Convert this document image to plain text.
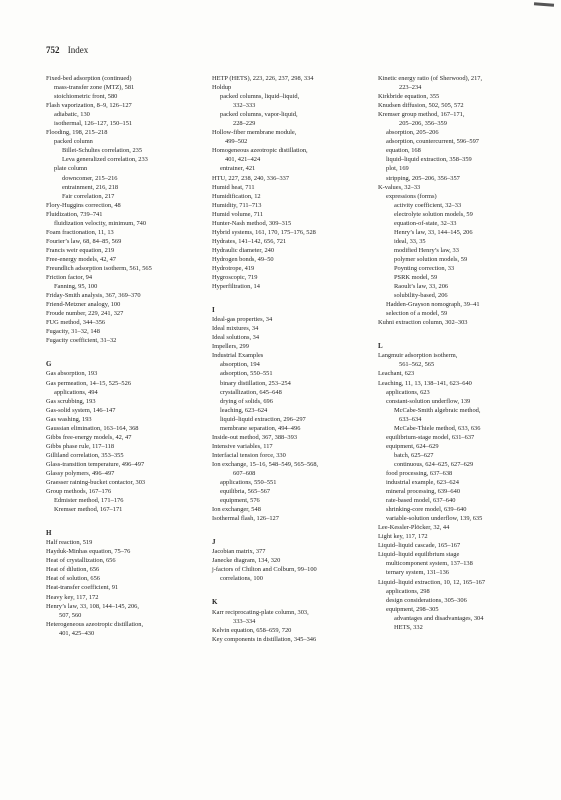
752 Index
Fixed-bed adsorption (continued)
mass-transfer zone (MTZ), 581
stoichiometric front, 580
Flash vaporization, 8–9, 126–127
adiabatic, 130
isothermal, 126–127, 150–151
Flooding, 198, 215–218
packed column
Billet-Schultes correlation, 235
Leva generalized correlation, 233
plate column
downcomer, 215–216
entrainment, 216, 218
Fair correlation, 217
Flory-Huggins correction, 48
Fluidization, 739–741
fluidization velocity, minimum, 740
Foam fractionation, 11, 13
Fourier’s law, 68, 84–85, 569
Francis weir equation, 219
Free-energy models, 42, 47
Freundlich adsorption isotherm, 561, 565
Friction factor, 94
Fanning, 95, 100
Friday-Smith analysis, 367, 369–370
Friend-Metzner analogy, 100
Froude number, 229, 241, 327
FUG method, 344–356
Fugacity, 31–32, 148
Fugacity coefficient, 31–32
G
Gas absorption, 193
Gas permeation, 14–15, 525–526
applications, 494
Gas scrubbing, 193
Gas-solid system, 146–147
Gas washing, 193
Gaussian elimination, 163–164, 368
Gibbs free-energy models, 42, 47
Gibbs phase rule, 117–118
Gilliland correlation, 353–355
Glass-transition temperature, 496–497
Glassy polymers, 496–497
Graesser raining-bucket contactor, 303
Group methods, 167–176
Edmister method, 171–176
Kremser method, 167–171
H
Half reaction, 519
Hayduk-Minhas equation, 75–76
Heat of crystallization, 656
Heat of dilution, 656
Heat of solution, 656
Heat-transfer coefficient, 91
Heavy key, 117, 172
Henry’s law, 33, 108, 144–145, 206,
507, 560
Heterogeneous azeotropic distillation,
401, 425–430
HETP (HETS), 223, 226, 237, 298, 334
Holdup
packed columns, liquid–liquid,
332–333
packed columns, vapor-liquid,
228–229
Hollow-fiber membrane module,
499–502
Homogeneous azeotropic distillation,
401, 421–424
entrainer, 421
HTU, 227, 238, 240, 336–337
Humid heat, 711
Humidification, 12
Humidity, 711–713
Humid volume, 711
Hunter-Nash method, 309–315
Hybrid systems, 161, 170, 175–176, 528
Hydrates, 141–142, 656, 721
Hydraulic diameter, 240
Hydrogen bonds, 49–50
Hydrotrope, 419
Hygroscopic, 719
Hyperfiltration, 14
I
Ideal-gas properties, 34
Ideal mixtures, 34
Ideal solutions, 34
Impellers, 299
Industrial Examples
absorption, 194
adsorption, 550–551
binary distillation, 253–254
crystallization, 645–648
drying of solids, 696
leaching, 623–624
liquid–liquid extraction, 296–297
membrane separation, 494–496
Inside-out method, 367, 388–393
Intensive variables, 117
Interfacial tension force, 330
Ion exchange, 15–16, 548–549, 565–568,
607–608
applications, 550–551
equilibria, 565–567
equipment, 576
Ion exchanger, 548
Isothermal flash, 126–127
J
Jacobian matrix, 377
Janecke diagram, 134, 320
j-factors of Chilton and Colburn, 99–100
correlations, 100
K
Karr reciprocating-plate column, 303,
333–334
Kelvin equation, 658–659, 720
Key components in distillation, 345–346
Kinetic energy ratio (of Sherwood), 217,
223–234
Kirkbride equation, 355
Knudsen diffusion, 502, 505, 572
Kremser group method, 167–171,
205–206, 356–359
absorption, 205–206
adsorption, countercurrent, 596–597
equation, 168
liquid–liquid extraction, 358–359
plot, 169
stripping, 205–206, 356–357
K-values, 32–33
expressions (forms)
activity coefficient, 32–33
electrolyte solution models, 59
equation-of-state, 32–33
Henry’s law, 33, 144–145, 206
ideal, 33, 35
modified Henry’s law, 33
polymer solution models, 59
Poynting correction, 33
PSRK model, 59
Raoult’s law, 33, 206
solubility-based, 206
Hadden-Grayson nomograph, 39–41
selection of a model, 59
Kuhni extraction column, 302–303
L
Langmuir adsorption isotherm,
561–562, 565
Leachant, 623
Leaching, 11, 13, 138–141, 623–640
applications, 623
constant-solution underflow, 139
McCabe-Smith algebraic method,
633–634
McCabe-Thiele method, 633, 636
equilibrium-stage model, 631–637
equipment, 624–629
batch, 625–627
continuous, 624–625, 627–629
food processing, 637–638
industrial example, 623–624
mineral processing, 639–640
rate-based model, 637–640
shrinking-core model, 639–640
variable-solution underflow, 139, 635
Lee-Kessler-Plöcker, 32, 44
Light key, 117, 172
Liquid–liquid cascade, 165–167
Liquid–liquid equilibrium stage
multicomponent system, 137–138
ternary system, 131–136
Liquid–liquid extraction, 10, 12, 165–167
applications, 298
design considerations, 305–306
equipment, 298–305
advantages and disadvantages, 304
HETS, 332
